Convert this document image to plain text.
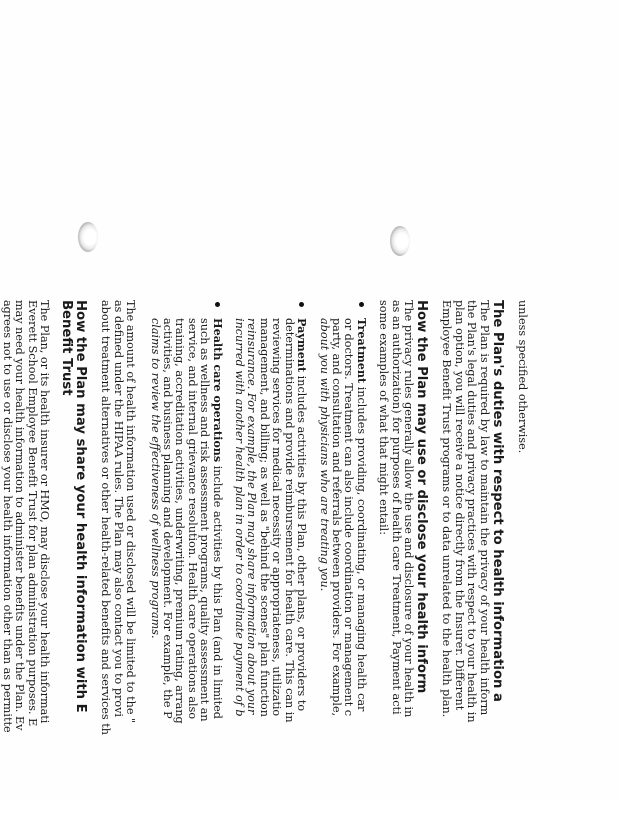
unless specified otherwise.

The Plan's duties with respect to health information a

The Plan is required by law to maintain the privacy of your health inform

the Plan's legal duties and privacy practices with respect to your health in

plan option, you will receive a notice directly from the Insurer. Different

Employee Benefit Trust programs or to data unrelated to the health plan.

How the Plan may use or disclose your health inform

The privacy rules generally allow the use and disclosure of your health in

as an authorization) for purposes of health care Treatment, Payment acti

some examples of what that might entail:

Treatment includes providing, coordinating, or managing health car

or doctors. Treatment can also include coordination or management c

party, and consultation and referrals between providers. For example,

about you with physicians who are treating you.

Payment includes activities by this Plan, other plans, or providers to

determinations and provide reimbursement for health care. This can in

reviewing services for medical necessity or appropriateness, utilizatio

management, and billing; as well as "behind the scenes" plan function

reinsurance. For example, the Plan may share information about your

incurred with another health plan in order to coordinate payment of b

Health care operations include activities by this Plan (and in limited

such as wellness and risk assessment programs, quality assessment an

service, and internal grievance resolution. Health care operations also

training, accreditation activities, underwriting, premium rating, arrang

activities, and business planning and development. For example, the P

claims to review the effectiveness of wellness programs.

The amount of health information used or disclosed will be limited to the "

as defined under the HIPAA rules. The Plan may also contact you to provi

about treatment alternatives or other health-related benefits and services th

How the Plan may share your health information with E

Benefit Trust

The Plan, or its health insurer or HMO, may disclose your health informati

Everett School Employee Benefit Trust for plan administration purposes. E

may need your health information to administer benefits under the Plan. Ev

agrees not to use or disclose your health information other than as permitte
